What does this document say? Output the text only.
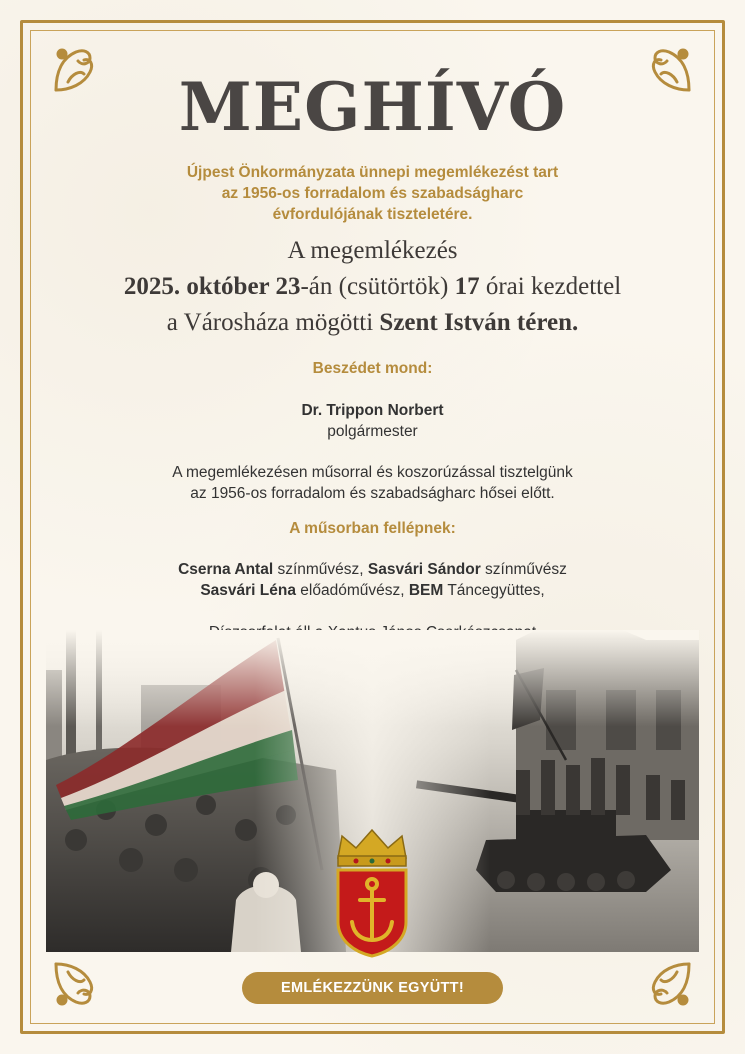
MEGHÍVÓ
Újpest Önkormányzata ünnepi megemlékezést tart
az 1956-os forradalom és szabadságharc
évfordulójának tiszteletére.
A megemlékezés
2025. október 23-án (csütörtök) 17 órai kezdettel
a Városháza mögötti Szent István téren.
Beszédet mond:
Dr. Trippon Norbert
polgármester
A megemlékezésen műsorral és koszorúzással tisztelgünk
az 1956-os forradalom és szabadságharc hősei előtt.
A műsorban fellépnek:
Cserna Antal színművész, Sasvári Sándor színművész
Sasvári Léna előadóművész, BEM Táncegyüttes,
EMLÉKEZZÜNK EGYÜTT!
